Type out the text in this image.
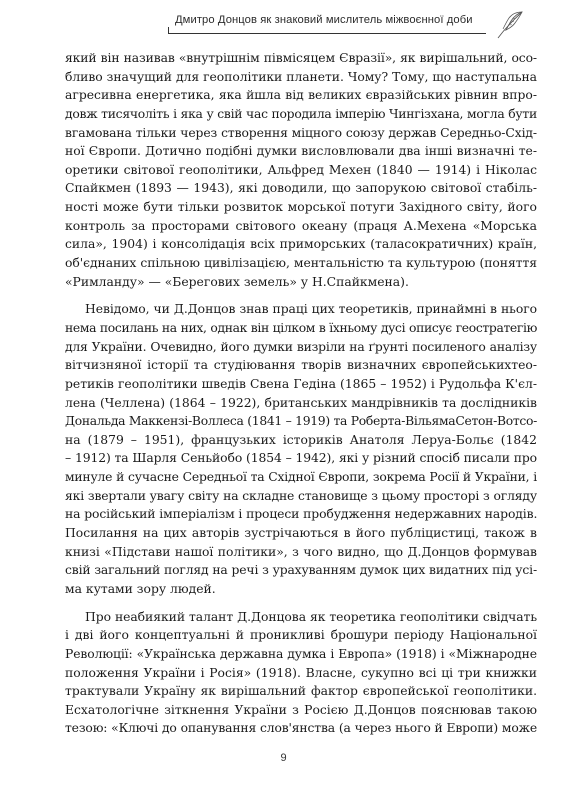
Дмитро Донцов як знаковий мислитель міжвоєнної доби
який він називав «внутрішнім півмісяцем Євразії», як вирішальний, осо-
бливо значущий для геополітики планети. Чому? Тому, що наступальна
агресивна енергетика, яка йшла від великих євразійських рівнин впро-
довж тисячоліть і яка у свій час породила імперію Чингізхана, могла бути
вгамована тільки через створення міцного союзу держав Середньо-Схід-
ної Європи. Дотично подібні думки висловлювали два інші визначні те-
оретики світової геополітики, Альфред Мехен (1840 — 1914) і Ніколас
Спайкмен (1893 — 1943), які доводили, що запорукою світової стабіль-
ності може бути тільки розвиток морської потуги Західного світу, його
контроль за просторами світового океану (праця А.Мехена «Морська
сила», 1904) і консолідація всіх приморських (таласократичних) країн,
об'єднаних спільною цивілізацією, ментальністю та культурою (поняття
«Римланду» — «Берегових земель» у Н.Спайкмена).
Невідомо, чи Д.Донцов знав праці цих теоретиків, принаймні в нього
нема посилань на них, однак він цілком в їхньому дусі описує геостратегію
для України. Очевидно, його думки визріли на ґрунті посиленого аналізу
вітчизняної історії та студіювання творів визначних європейськихтео-
ретиків геополітики шведів Свена Гедіна (1865 – 1952) і Рудольфа К'єл-
лена (Челлена) (1864 – 1922), британських мандрівників та дослідників
Дональда Маккензі-Воллеса (1841 – 1919) та Роберта-ВільямаСетон-Вотсо-
на (1879 – 1951), французьких істориків Анатоля Леруа-Больє (1842
– 1912) та Шарля Сеньйобо (1854 – 1942), які у різний спосіб писали про
минуле й сучасне Середньої та Східної Європи, зокрема Росії й України, і
які звертали увагу світу на складне становище з цьому просторі з огляду
на російський імперіалізм і процеси пробудження недержавних народів.
Посилання на цих авторів зустрічаються в його публіцистиці, також в
книзі «Підстави нашої політики», з чого видно, що Д.Донцов формував
свій загальний погляд на речі з урахуванням думок цих видатних під усі-
ма кутами зору людей.
Про неабиякий талант Д.Донцова як теоретика геополітики свідчать
і дві його концептуальні й проникливі брошури періоду Національної
Революції: «Українська державна думка і Европа» (1918) і «Міжнародне
положення України і Росія» (1918). Власне, сукупно всі ці три книжки
трактували Україну як вирішальний фактор європейської геополітики.
Есхатологічне зіткнення України з Росією Д.Донцов пояснював такою
тезою: «Ключі до опанування слов'янства (а через нього й Европи) може
9
